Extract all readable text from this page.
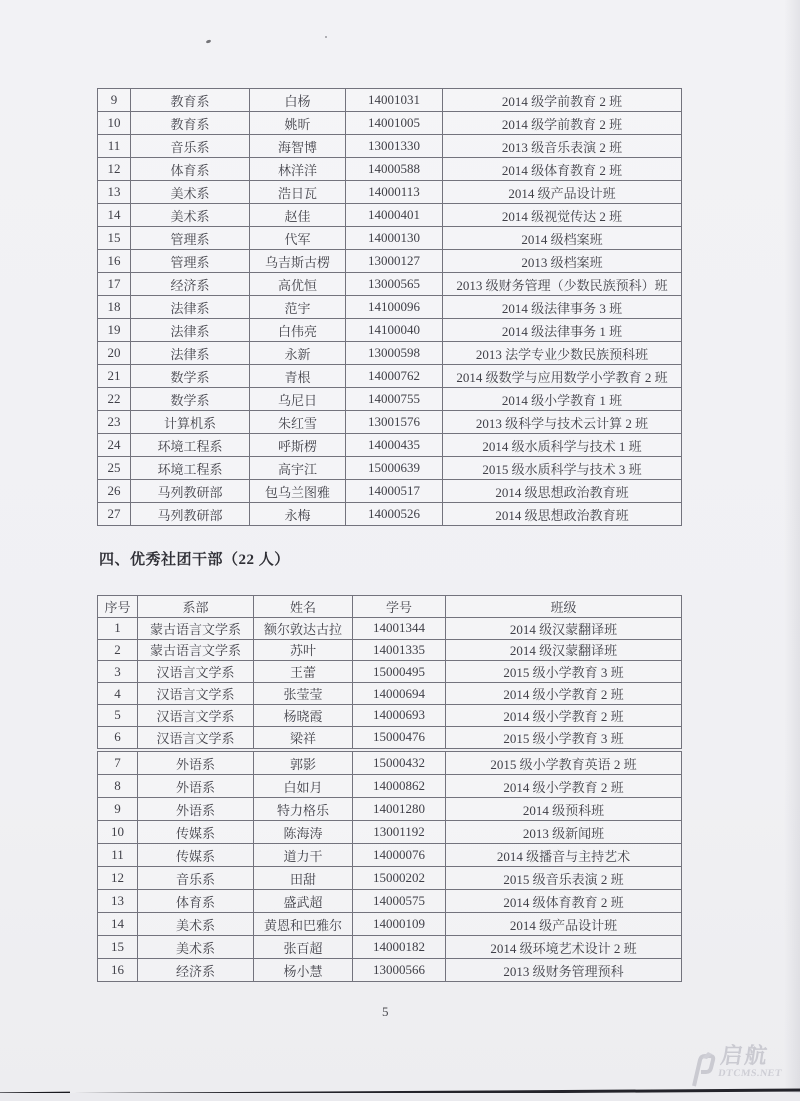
9	教育系	白杨	14001031	2014 级学前教育 2 班
10	教育系	姚昕	14001005	2014 级学前教育 2 班
11	音乐系	海智博	13001330	2013 级音乐表演 2 班
12	体育系	林洋洋	14000588	2014 级体育教育 2 班
13	美术系	浩日瓦	14000113	2014 级产品设计班
14	美术系	赵佳	14000401	2014 级视觉传达 2 班
15	管理系	代军	14000130	2014 级档案班
16	管理系	乌吉斯古楞	13000127	2013 级档案班
17	经济系	高优恒	13000565	2013 级财务管理（少数民族预科）班
18	法律系	范宇	14100096	2014 级法律事务 3 班
19	法律系	白伟亮	14100040	2014 级法律事务 1 班
20	法律系	永新	13000598	2013 法学专业少数民族预科班
21	数学系	青根	14000762	2014 级数学与应用数学小学教育 2 班
22	数学系	乌尼日	14000755	2014 级小学教育 1 班
23	计算机系	朱红雪	13001576	2013 级科学与技术云计算 2 班
24	环境工程系	呼斯楞	14000435	2014 级水质科学与技术 1 班
25	环境工程系	高宇江	15000639	2015 级水质科学与技术 3 班
26	马列教研部	包乌兰图雅	14000517	2014 级思想政治教育班
27	马列教研部	永梅	14000526	2014 级思想政治教育班
四、优秀社团干部（22 人）
序号	系部	姓名	学号	班级
1	蒙古语言文学系	额尔敦达古拉	14001344	2014 级汉蒙翻译班
2	蒙古语言文学系	苏叶	14001335	2014 级汉蒙翻译班
3	汉语言文学系	王蕾	15000495	2015 级小学教育 3 班
4	汉语言文学系	张莹莹	14000694	2014 级小学教育 2 班
5	汉语言文学系	杨晓霞	14000693	2014 级小学教育 2 班
6	汉语言文学系	梁祥	15000476	2015 级小学教育 3 班
7	外语系	郭影	15000432	2015 级小学教育英语 2 班
8	外语系	白如月	14000862	2014 级小学教育 2 班
9	外语系	特力格乐	14001280	2014 级预科班
10	传媒系	陈海涛	13001192	2013 级新闻班
11	传媒系	道力干	14000076	2014 级播音与主持艺术
12	音乐系	田甜	15000202	2015 级音乐表演 2 班
13	体育系	盛武超	14000575	2014 级体育教育 2 班
14	美术系	黄恩和巴雅尔	14000109	2014 级产品设计班
15	美术系	张百超	14000182	2014 级环境艺术设计 2 班
16	经济系	杨小慧	13000566	2013 级财务管理预科
5
启航
DTCMS.NET
